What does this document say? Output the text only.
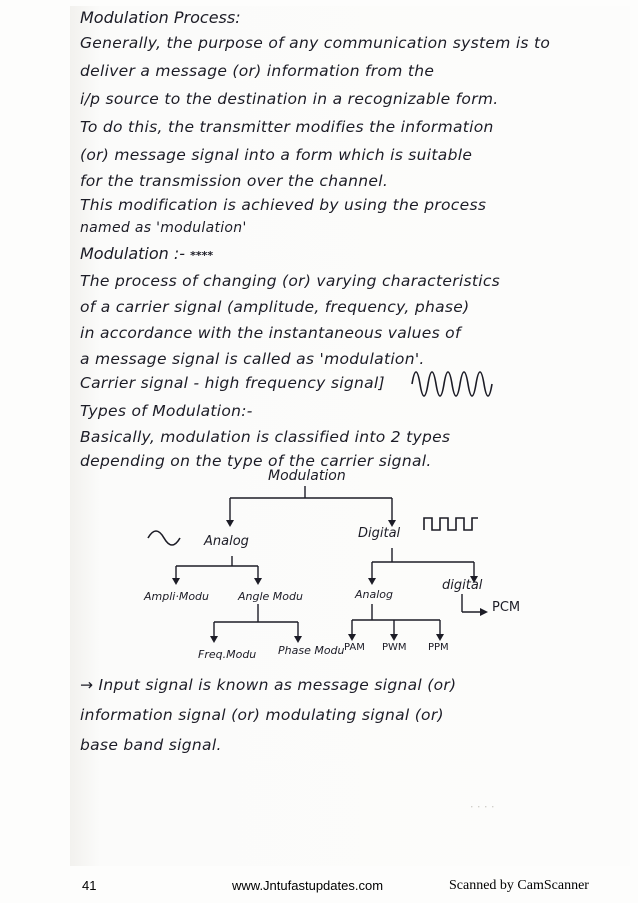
Modulation Process:
Generally, the purpose of any communication system is to
deliver a message (or) information from the
i/p source to the destination in a recognizable form.
To do this, the transmitter modifies the information
(or) message signal into a form which is suitable
for the transmission over the channel.
This modification is achieved by using the process
named as 'modulation'
Modulation :- ****
The process of changing (or) varying characteristics
of a carrier signal (amplitude, frequency, phase)
in accordance with the instantaneous values of
a message signal is called as 'modulation'.
Carrier signal - high frequency signal]
Types of Modulation:-
Basically, modulation is classified into 2 types
depending on the type of the carrier signal.
Modulation
Analog
Digital
Ampli·Modu	Angle Modu	Analog
digital
PCM
Freq.Modu Phase Modu PAM PWM PPM
→ Input signal is known as message signal (or)
information signal (or) modulating signal (or)
base band signal.
· · · ·
41	www.Jntufastupdates.com	Scanned by CamScanner
